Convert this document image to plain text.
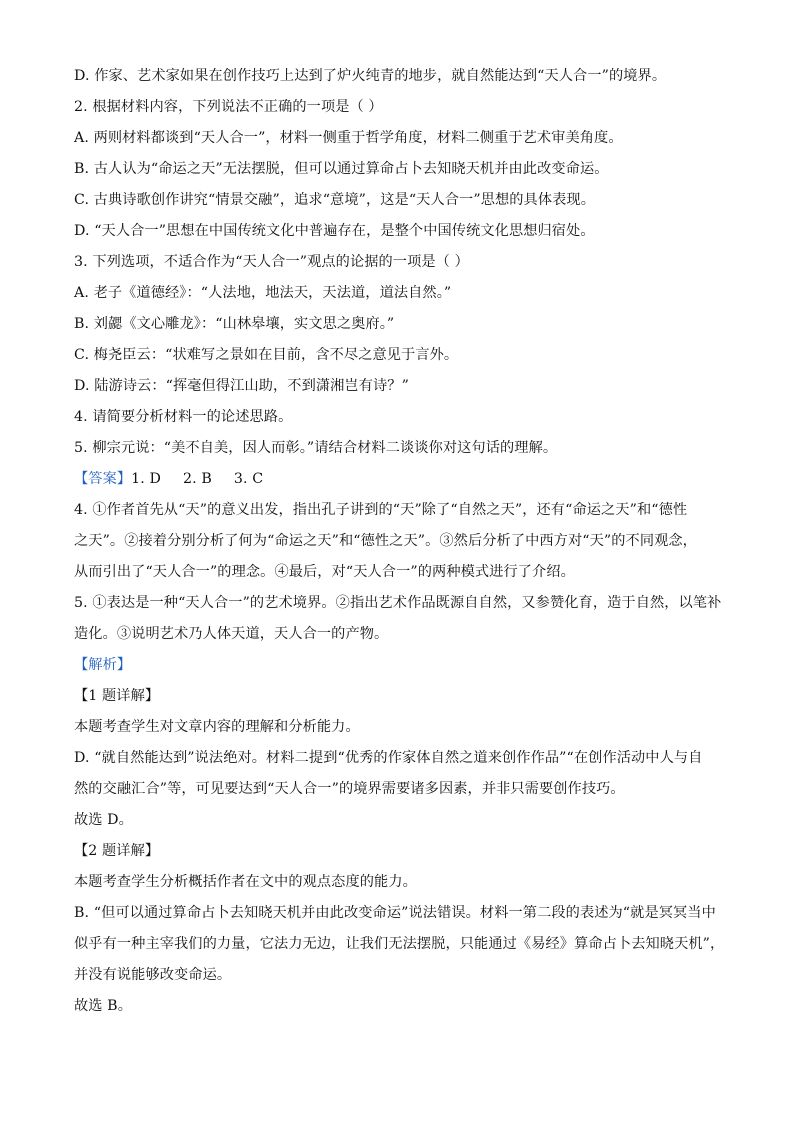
D. 作家、艺术家如果在创作技巧上达到了炉火纯青的地步，就自然能达到“天人合一”的境界。
2. 根据材料内容，下列说法不正确的一项是（ ）
A. 两则材料都谈到“天人合一”，材料一侧重于哲学角度，材料二侧重于艺术审美角度。
B. 古人认为“命运之天”无法摆脱，但可以通过算命占卜去知晓天机并由此改变命运。
C. 古典诗歌创作讲究“情景交融”，追求“意境”，这是“天人合一”思想的具体表现。
D. “天人合一”思想在中国传统文化中普遍存在，是整个中国传统文化思想归宿处。
3. 下列选项，不适合作为“天人合一”观点的论据的一项是（ ）
A. 老子《道德经》：“人法地，地法天，天法道，道法自然。”
B. 刘勰《文心雕龙》：“山林皋壤，实文思之奥府。”
C. 梅尧臣云：“状难写之景如在目前，含不尽之意见于言外。
D. 陆游诗云：“挥毫但得江山助，不到潇湘岂有诗？”
4. 请简要分析材料一的论述思路。
5. 柳宗元说：“美不自美，因人而彰。”请结合材料二谈谈你对这句话的理解。
【答案】1. D 2. B 3. C
4. ①作者首先从“天”的意义出发，指出孔子讲到的“天”除了“自然之天”，还有“命运之天”和“德性
之天”。②接着分别分析了何为“命运之天”和“德性之天”。③然后分析了中西方对“天”的不同观念，
从而引出了“天人合一”的理念。④最后，对“天人合一”的两种模式进行了介绍。
5. ①表达是一种“天人合一”的艺术境界。②指出艺术作品既源自自然，又参赞化育，造于自然，以笔补
造化。③说明艺术乃人体天道，天人合一的产物。
【解析】
【1 题详解】
本题考查学生对文章内容的理解和分析能力。
D. “就自然能达到”说法绝对。材料二提到“优秀的作家体自然之道来创作作品”“在创作活动中人与自
然的交融汇合”等，可见要达到“天人合一”的境界需要诸多因素，并非只需要创作技巧。
故选 D。
【2 题详解】
本题考查学生分析概括作者在文中的观点态度的能力。
B. “但可以通过算命占卜去知晓天机并由此改变命运”说法错误。材料一第二段的表述为“就是冥冥当中
似乎有一种主宰我们的力量，它法力无边，让我们无法摆脱，只能通过《易经》算命占卜去知晓天机”，
并没有说能够改变命运。
故选 B。
